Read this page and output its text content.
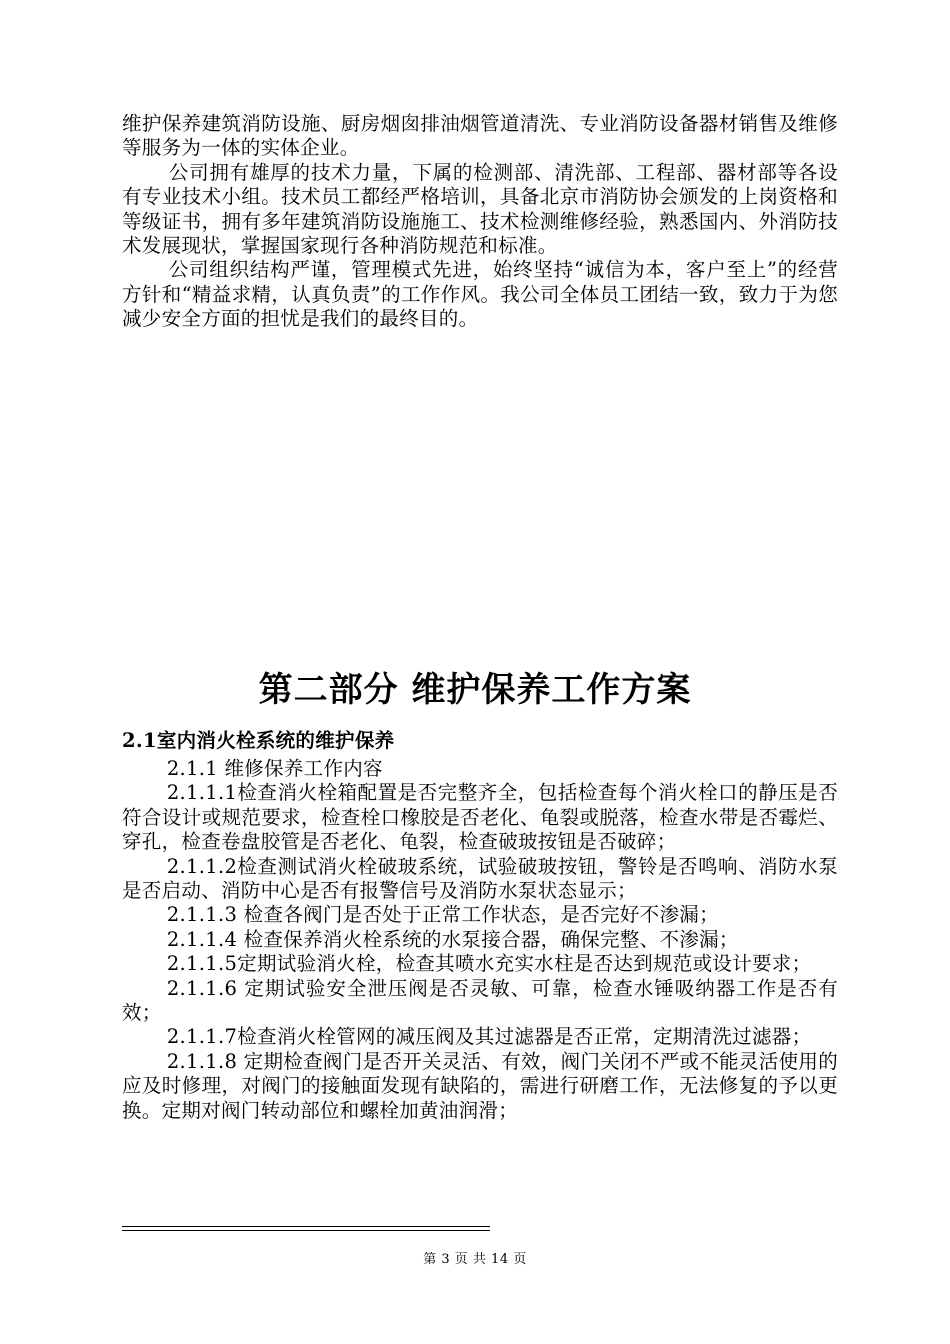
维护保养建筑消防设施、厨房烟囱排油烟管道清洗、专业消防设备器材销售及维修等服务为一体的实体企业。

公司拥有雄厚的技术力量，下属的检测部、清洗部、工程部、器材部等各设有专业技术小组。技术员工都经严格培训，具备北京市消防协会颁发的上岗资格和等级证书，拥有多年建筑消防设施施工、技术检测维修经验，熟悉国内、外消防技术发展现状，掌握国家现行各种消防规范和标准。

公司组织结构严谨，管理模式先进，始终坚持“诚信为本，客户至上”的经营方针和“精益求精，认真负责”的工作作风。我公司全体员工团结一致，致力于为您减少安全方面的担忧是我们的最终目的。

第二部分 维护保养工作方案
2.1室内消火栓系统的维护保养

2.1.1 维修保养工作内容

2.1.1.1检查消火栓箱配置是否完整齐全，包括检查每个消火栓口的静压是否符合设计或规范要求，检查栓口橡胶是否老化、龟裂或脱落，检查水带是否霉烂、穿孔，检查卷盘胶管是否老化、龟裂，检查破玻按钮是否破碎；

2.1.1.2检查测试消火栓破玻系统，试验破玻按钮，警铃是否鸣响、消防水泵是否启动、消防中心是否有报警信号及消防水泵状态显示；

2.1.1.3 检查各阀门是否处于正常工作状态，是否完好不渗漏；

2.1.1.4 检查保养消火栓系统的水泵接合器，确保完整、不渗漏；

2.1.1.5定期试验消火栓，检查其喷水充实水柱是否达到规范或设计要求；

2.1.1.6 定期试验安全泄压阀是否灵敏、可靠，检查水锤吸纳器工作是否有效；

2.1.1.7检查消火栓管网的减压阀及其过滤器是否正常，定期清洗过滤器；

2.1.1.8 定期检查阀门是否开关灵活、有效，阀门关闭不严或不能灵活使用的应及时修理，对阀门的接触面发现有缺陷的，需进行研磨工作，无法修复的予以更换。定期对阀门转动部位和螺栓加黄油润滑；

第 3 页 共 14 页
